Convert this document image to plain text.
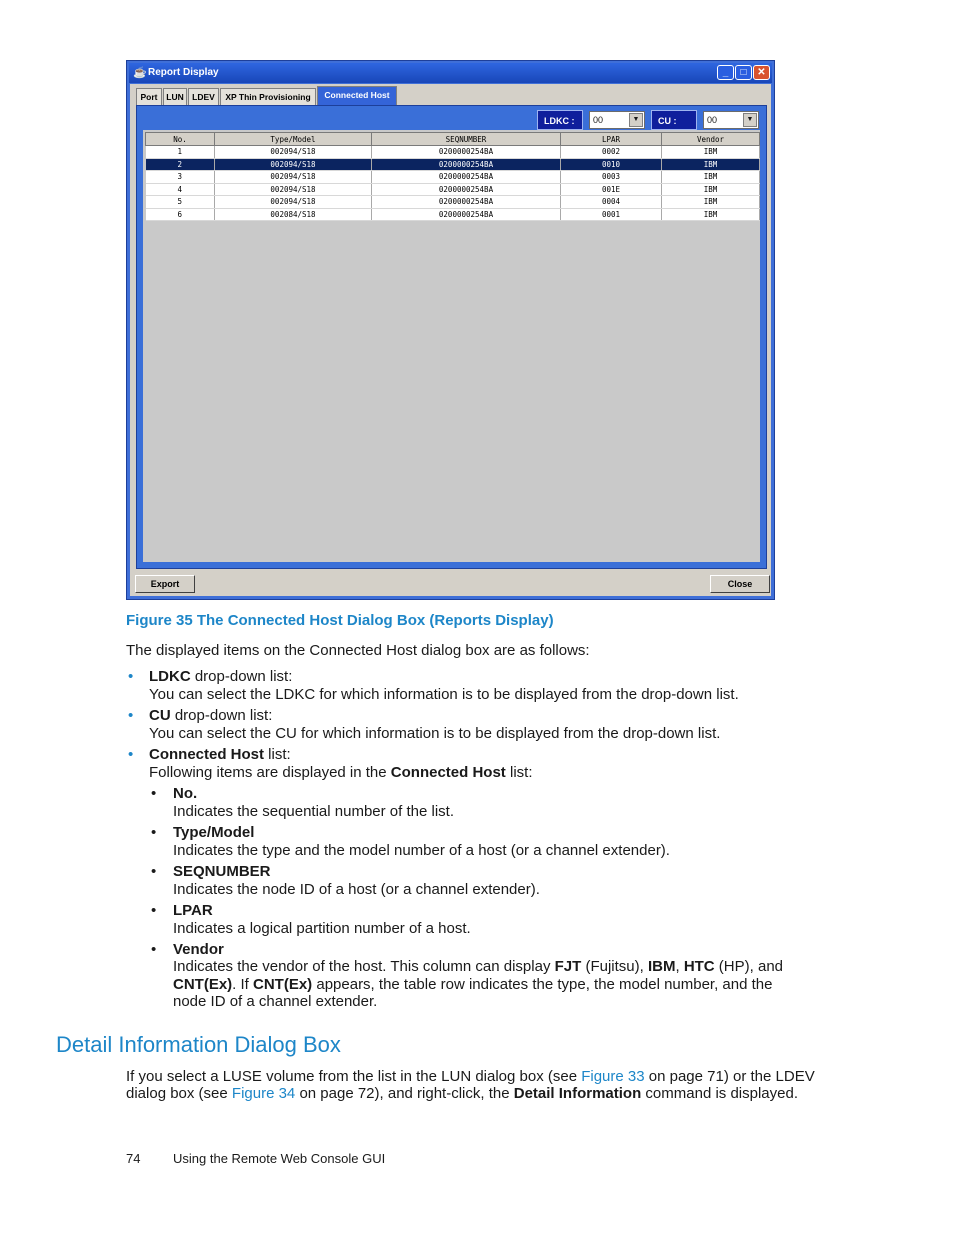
☕ Report Display	_	□	✕
Port	LUN LDEV	XP Thin Provisioning	Connected Host
LDKC :	00	▼	CU :	00	▼
No.	Type/Model	SEQNUMBER	LPAR	Vendor
1	002094/S18	0200000254BA	0002	IBM
2	002094/S18	0200000254BA	0010	IBM
3	002094/S18	0200000254BA	0003	IBM
4	002094/S18	0200000254BA	001E	IBM
5	002094/S18	0200000254BA	0004	IBM
6	002084/S18	0200000254BA	0001	IBM
Export	Close
Figure 35 The Connected Host Dialog Box (Reports Display)
The displayed items on the Connected Host dialog box are as follows:
• LDKC drop-down list:
You can select the LDKC for which information is to be displayed from the drop-down list.
• CU drop-down list:
You can select the CU for which information is to be displayed from the drop-down list.
• Connected Host list:
Following items are displayed in the Connected Host list:
• No.
Indicates the sequential number of the list.
• Type/Model
Indicates the type and the model number of a host (or a channel extender).
• SEQNUMBER
Indicates the node ID of a host (or a channel extender).
• LPAR
Indicates a logical partition number of a host.
• Vendor
Indicates the vendor of the host. This column can display FJT (Fujitsu), IBM, HTC (HP), and
CNT(Ex). If CNT(Ex) appears, the table row indicates the type, the model number, and the
node ID of a channel extender.
Detail Information Dialog Box
If you select a LUSE volume from the list in the LUN dialog box (see Figure 33 on page 71) or the LDEV
dialog box (see Figure 34 on page 72), and right-click, the Detail Information command is displayed.
74	Using the Remote Web Console GUI
